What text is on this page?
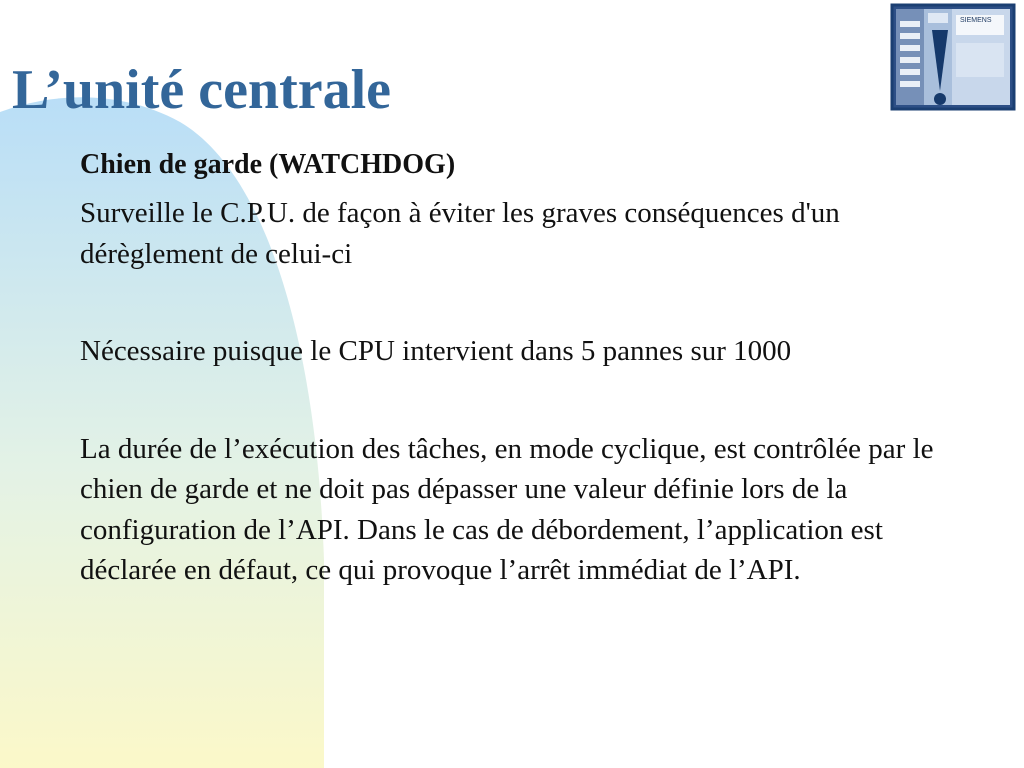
L’unité centrale
SIEMENS

Chien de garde (WATCHDOG)

Surveille le C.P.U. de façon à éviter les graves conséquences d'un dérèglement de celui-ci

Nécessaire puisque le CPU intervient dans 5 pannes sur 1000

La durée de l’exécution des tâches, en mode cyclique, est contrôlée par le chien de garde et ne doit pas dépasser une valeur définie lors de la configuration de l’API. Dans le cas de débordement, l’application est déclarée en défaut, ce qui provoque l’arrêt immédiat de l’API.
